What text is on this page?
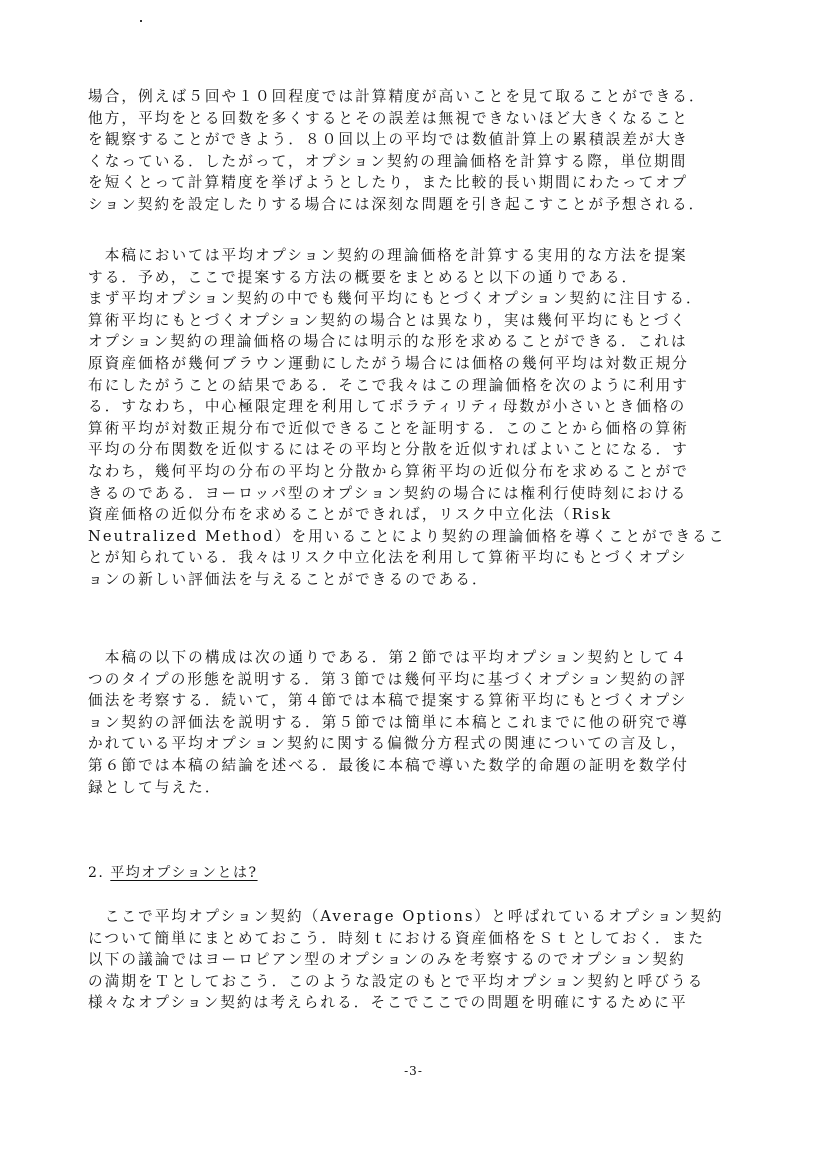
場合，例えば５回や１０回程度では計算精度が高いことを見て取ることができる．
他方，平均をとる回数を多くするとその誤差は無視できないほど大きくなること
を観察することができよう．８０回以上の平均では数値計算上の累積誤差が大き
くなっている．したがって，オプション契約の理論価格を計算する際，単位期間
を短くとって計算精度を挙げようとしたり，また比較的長い期間にわたってオプ
ション契約を設定したりする場合には深刻な問題を引き起こすことが予想される．
　本稿においては平均オプション契約の理論価格を計算する実用的な方法を提案
する．予め，ここで提案する方法の概要をまとめると以下の通りである．
まず平均オプション契約の中でも幾何平均にもとづくオプション契約に注目する．
算術平均にもとづくオプション契約の場合とは異なり，実は幾何平均にもとづく
オプション契約の理論価格の場合には明示的な形を求めることができる．これは
原資産価格が幾何ブラウン運動にしたがう場合には価格の幾何平均は対数正規分
布にしたがうことの結果である．そこで我々はこの理論価格を次のように利用す
る．すなわち，中心極限定理を利用してボラティリティ母数が小さいとき価格の
算術平均が対数正規分布で近似できることを証明する．このことから価格の算術
平均の分布関数を近似するにはその平均と分散を近似すればよいことになる．す
なわち，幾何平均の分布の平均と分散から算術平均の近似分布を求めることがで
きるのである．ヨーロッパ型のオプション契約の場合には権利行使時刻における
資産価格の近似分布を求めることができれば，リスク中立化法（Risk
Neutralized Method）を用いることにより契約の理論価格を導くことができるこ
とが知られている．我々はリスク中立化法を利用して算術平均にもとづくオプシ
ョンの新しい評価法を与えることができるのである．
　本稿の以下の構成は次の通りである．第２節では平均オプション契約として４
つのタイプの形態を説明する．第３節では幾何平均に基づくオプション契約の評
価法を考察する．続いて，第４節では本稿で提案する算術平均にもとづくオプシ
ョン契約の評価法を説明する．第５節では簡単に本稿とこれまでに他の研究で導
かれている平均オプション契約に関する偏微分方程式の関連についての言及し，
第６節では本稿の結論を述べる．最後に本稿で導いた数学的命題の証明を数学付
録として与えた．
2. 平均オプションとは?
　ここで平均オプション契約（Average Options）と呼ばれているオプション契約
について簡単にまとめておこう．時刻ｔにおける資産価格をＳｔとしておく．また
以下の議論ではヨーロピアン型のオプションのみを考察するのでオプション契約
の満期をＴとしておこう．このような設定のもとで平均オプション契約と呼びうる
様々なオプション契約は考えられる．そこでここでの問題を明確にするために平
-3-
